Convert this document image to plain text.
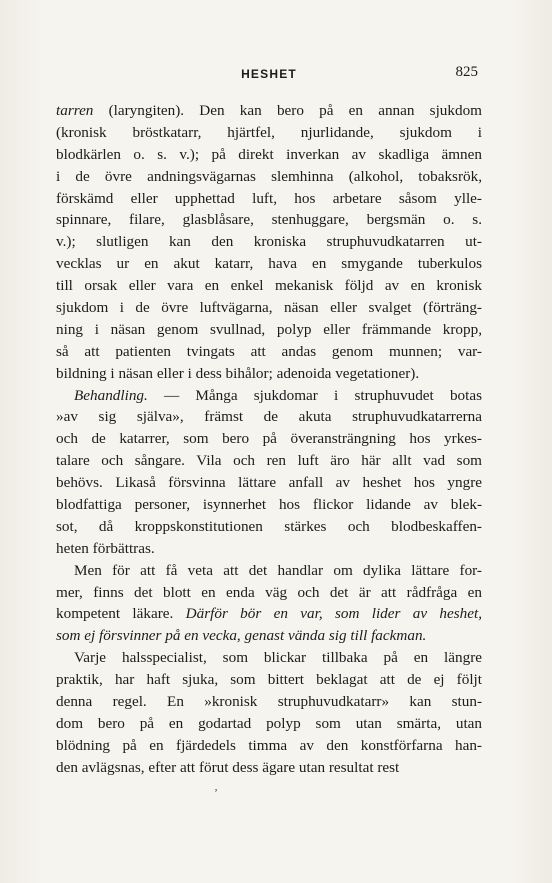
HESHET	825
tarren (laryngiten). Den kan bero på en annan sjukdom
(kronisk bröstkatarr, hjärtfel, njurlidande, sjukdom i
blodkärlen o. s. v.); på direkt inverkan av skadliga ämnen
i de övre andningsvägarnas slemhinna (alkohol, tobaksrök,
förskämd eller upphettad luft, hos arbetare såsom ylle-
spinnare, filare, glasblåsare, stenhuggare, bergsmän o. s.
v.); slutligen kan den kroniska struphuvudkatarren ut-
vecklas ur en akut katarr, hava en smygande tuberkulos
till orsak eller vara en enkel mekanisk följd av en kronisk
sjukdom i de övre luftvägarna, näsan eller svalget (förträng-
ning i näsan genom svullnad, polyp eller främmande kropp,
så att patienten tvingats att andas genom munnen; var-
bildning i näsan eller i dess bihålor; adenoida vegetationer).
Behandling. — Många sjukdomar i struphuvudet botas
»av sig själva», främst de akuta struphuvudkatarrerna
och de katarrer, som bero på överansträngning hos yrkes-
talare och sångare. Vila och ren luft äro här allt vad som
behövs. Likaså försvinna lättare anfall av heshet hos yngre
blodfattiga personer, isynnerhet hos flickor lidande av blek-
sot, då kroppskonstitutionen stärkes och blodbeskaffen-
heten förbättras.
Men för att få veta att det handlar om dylika lättare for-
mer, finns det blott en enda väg och det är att rådfråga en
kompetent läkare. Därför bör en var, som lider av heshet,
som ej försvinner på en vecka, genast vända sig till fackman.
Varje halsspecialist, som blickar tillbaka på en längre
praktik, har haft sjuka, som bittert beklagat att de ej följt
denna regel. En »kronisk struphuvudkatarr» kan stun-
dom bero på en godartad polyp som utan smärta, utan
blödning på en fjärdedels timma av den konstförfarna han-
den avlägsnas, efter att förut dess ägare utan resultat rest
ʼ
